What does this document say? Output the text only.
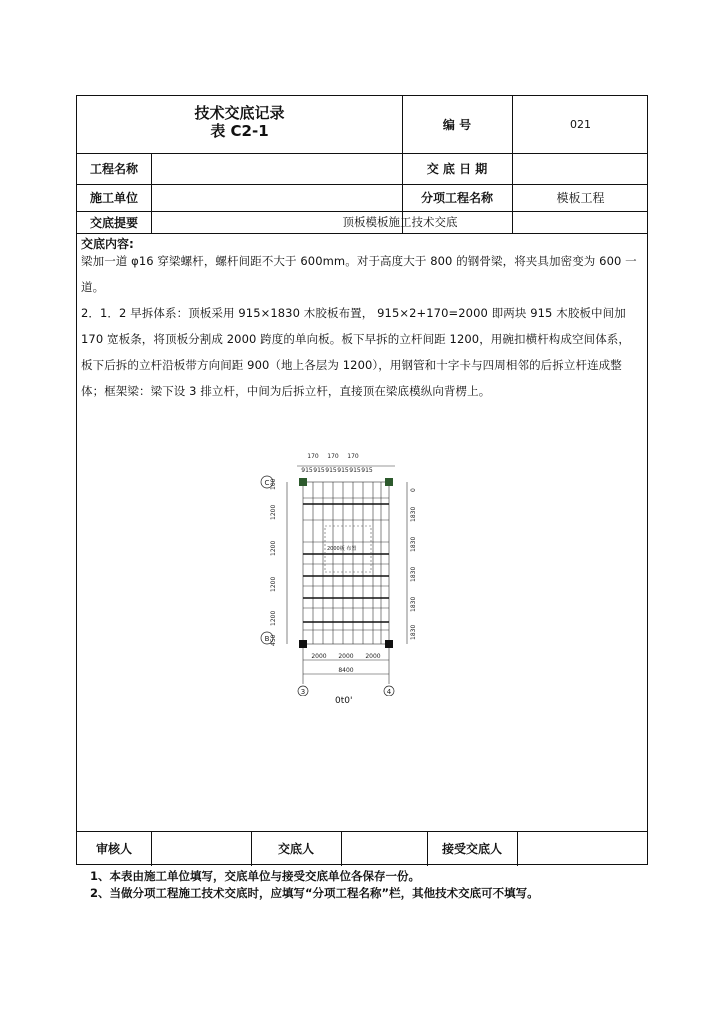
技术交底记录
表 C2-1	编 号	021
工程名称	交 底 日 期
施工单位	分项工程名称	模板工程
交底提要	顶板模板施工技术交底
交底内容:

梁加一道 φ16 穿梁螺杆，螺杆间距不大于 600mm。对于高度大于 800 的钢骨梁，将夹具加密变为 600 一道。

2．1．2 早拆体系：顶板采用 915×1830 木胶板布置， 915×2+170=2000 即两块 915 木胶板中间加 170 宽板条，将顶板分割成 2000 跨度的单向板。板下早拆的立杆间距 1200，用碗扣横杆构成空间体系，板下后拆的立杆沿板带方向间距 900（地上各层为 1200），用钢管和十字卡与四周相邻的后拆立杆连成整体；框架梁：梁下设 3 排立杆，中间为后拆立杆，直接顶在梁底模纵向背楞上。

170 170 170
915 915 915 915 915 915
100
1200
1200
1200
1200
450
0
1830
1830
1830
1830
1830
2000板 布置
2000 2000 2000
8400
C
B
3	4
0t0'
审核人	交底人	接受交底人
1、本表由施工单位填写，交底单位与接受交底单位各保存一份。
2、当做分项工程施工技术交底时，应填写“分项工程名称”栏，其他技术交底可不填写。
